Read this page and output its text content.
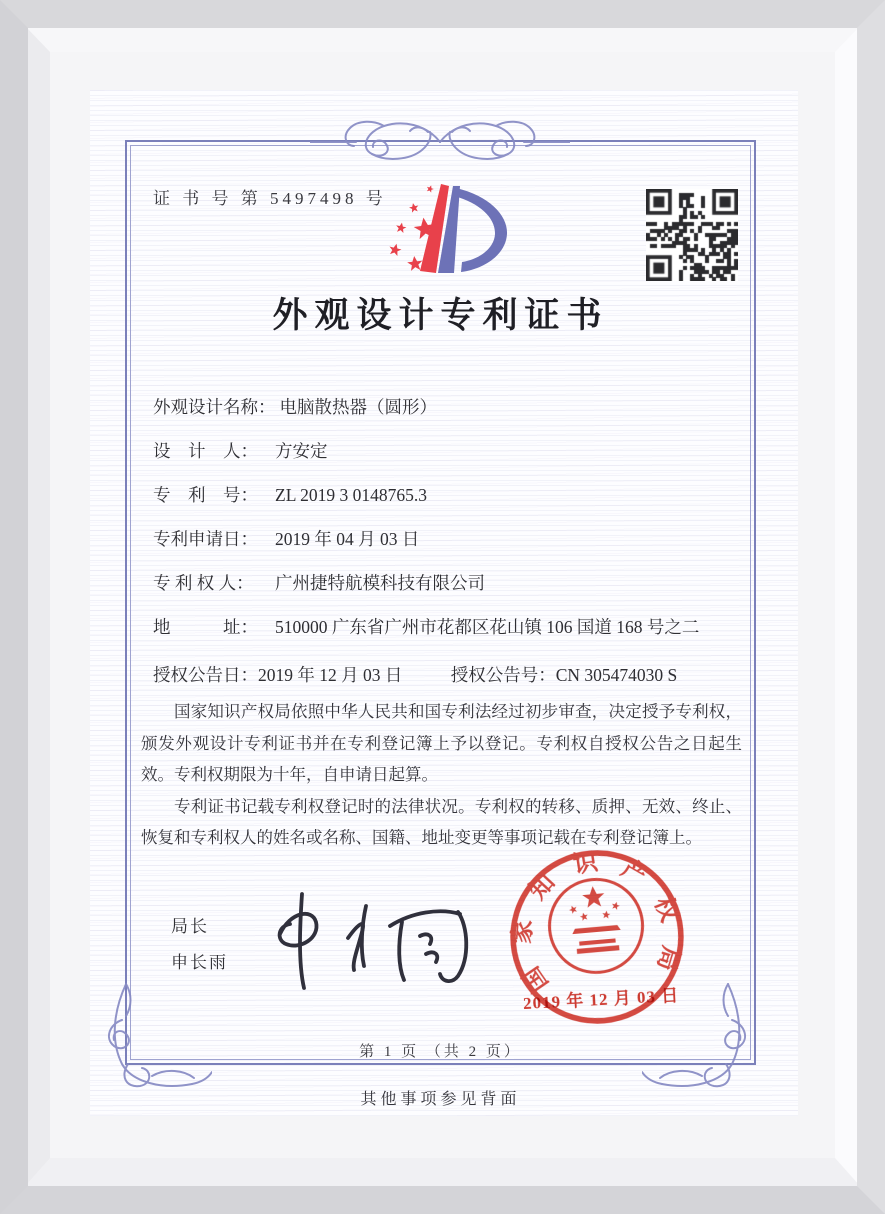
证 书 号 第 5497498 号
外观设计专利证书
外观设计名称： 电脑散热器（圆形）
设　计　人： 方安定
专　利　号： ZL 2019 3 0148765.3
专利申请日： 2019 年 04 月 03 日
专 利 权 人： 广州捷特航模科技有限公司
地　　　址： 510000 广东省广州市花都区花山镇 106 国道 168 号之二
授权公告日：2019 年 12 月 03 日	授权公告号：CN 305474030 S

国家知识产权局依照中华人民共和国专利法经过初步审查，决定授予专利权，颁发外观设计专利证书并在专利登记簿上予以登记。专利权自授权公告之日起生效。专利权期限为十年，自申请日起算。

专利证书记载专利权登记时的法律状况。专利权的转移、质押、无效、终止、恢复和专利权人的姓名或名称、国籍、地址变更等事项记载在专利登记簿上。

局长
申长雨	国家知识产权局
2019 年 12 月 03 日
第 1 页 （共 2 页）
其他事项参见背面
